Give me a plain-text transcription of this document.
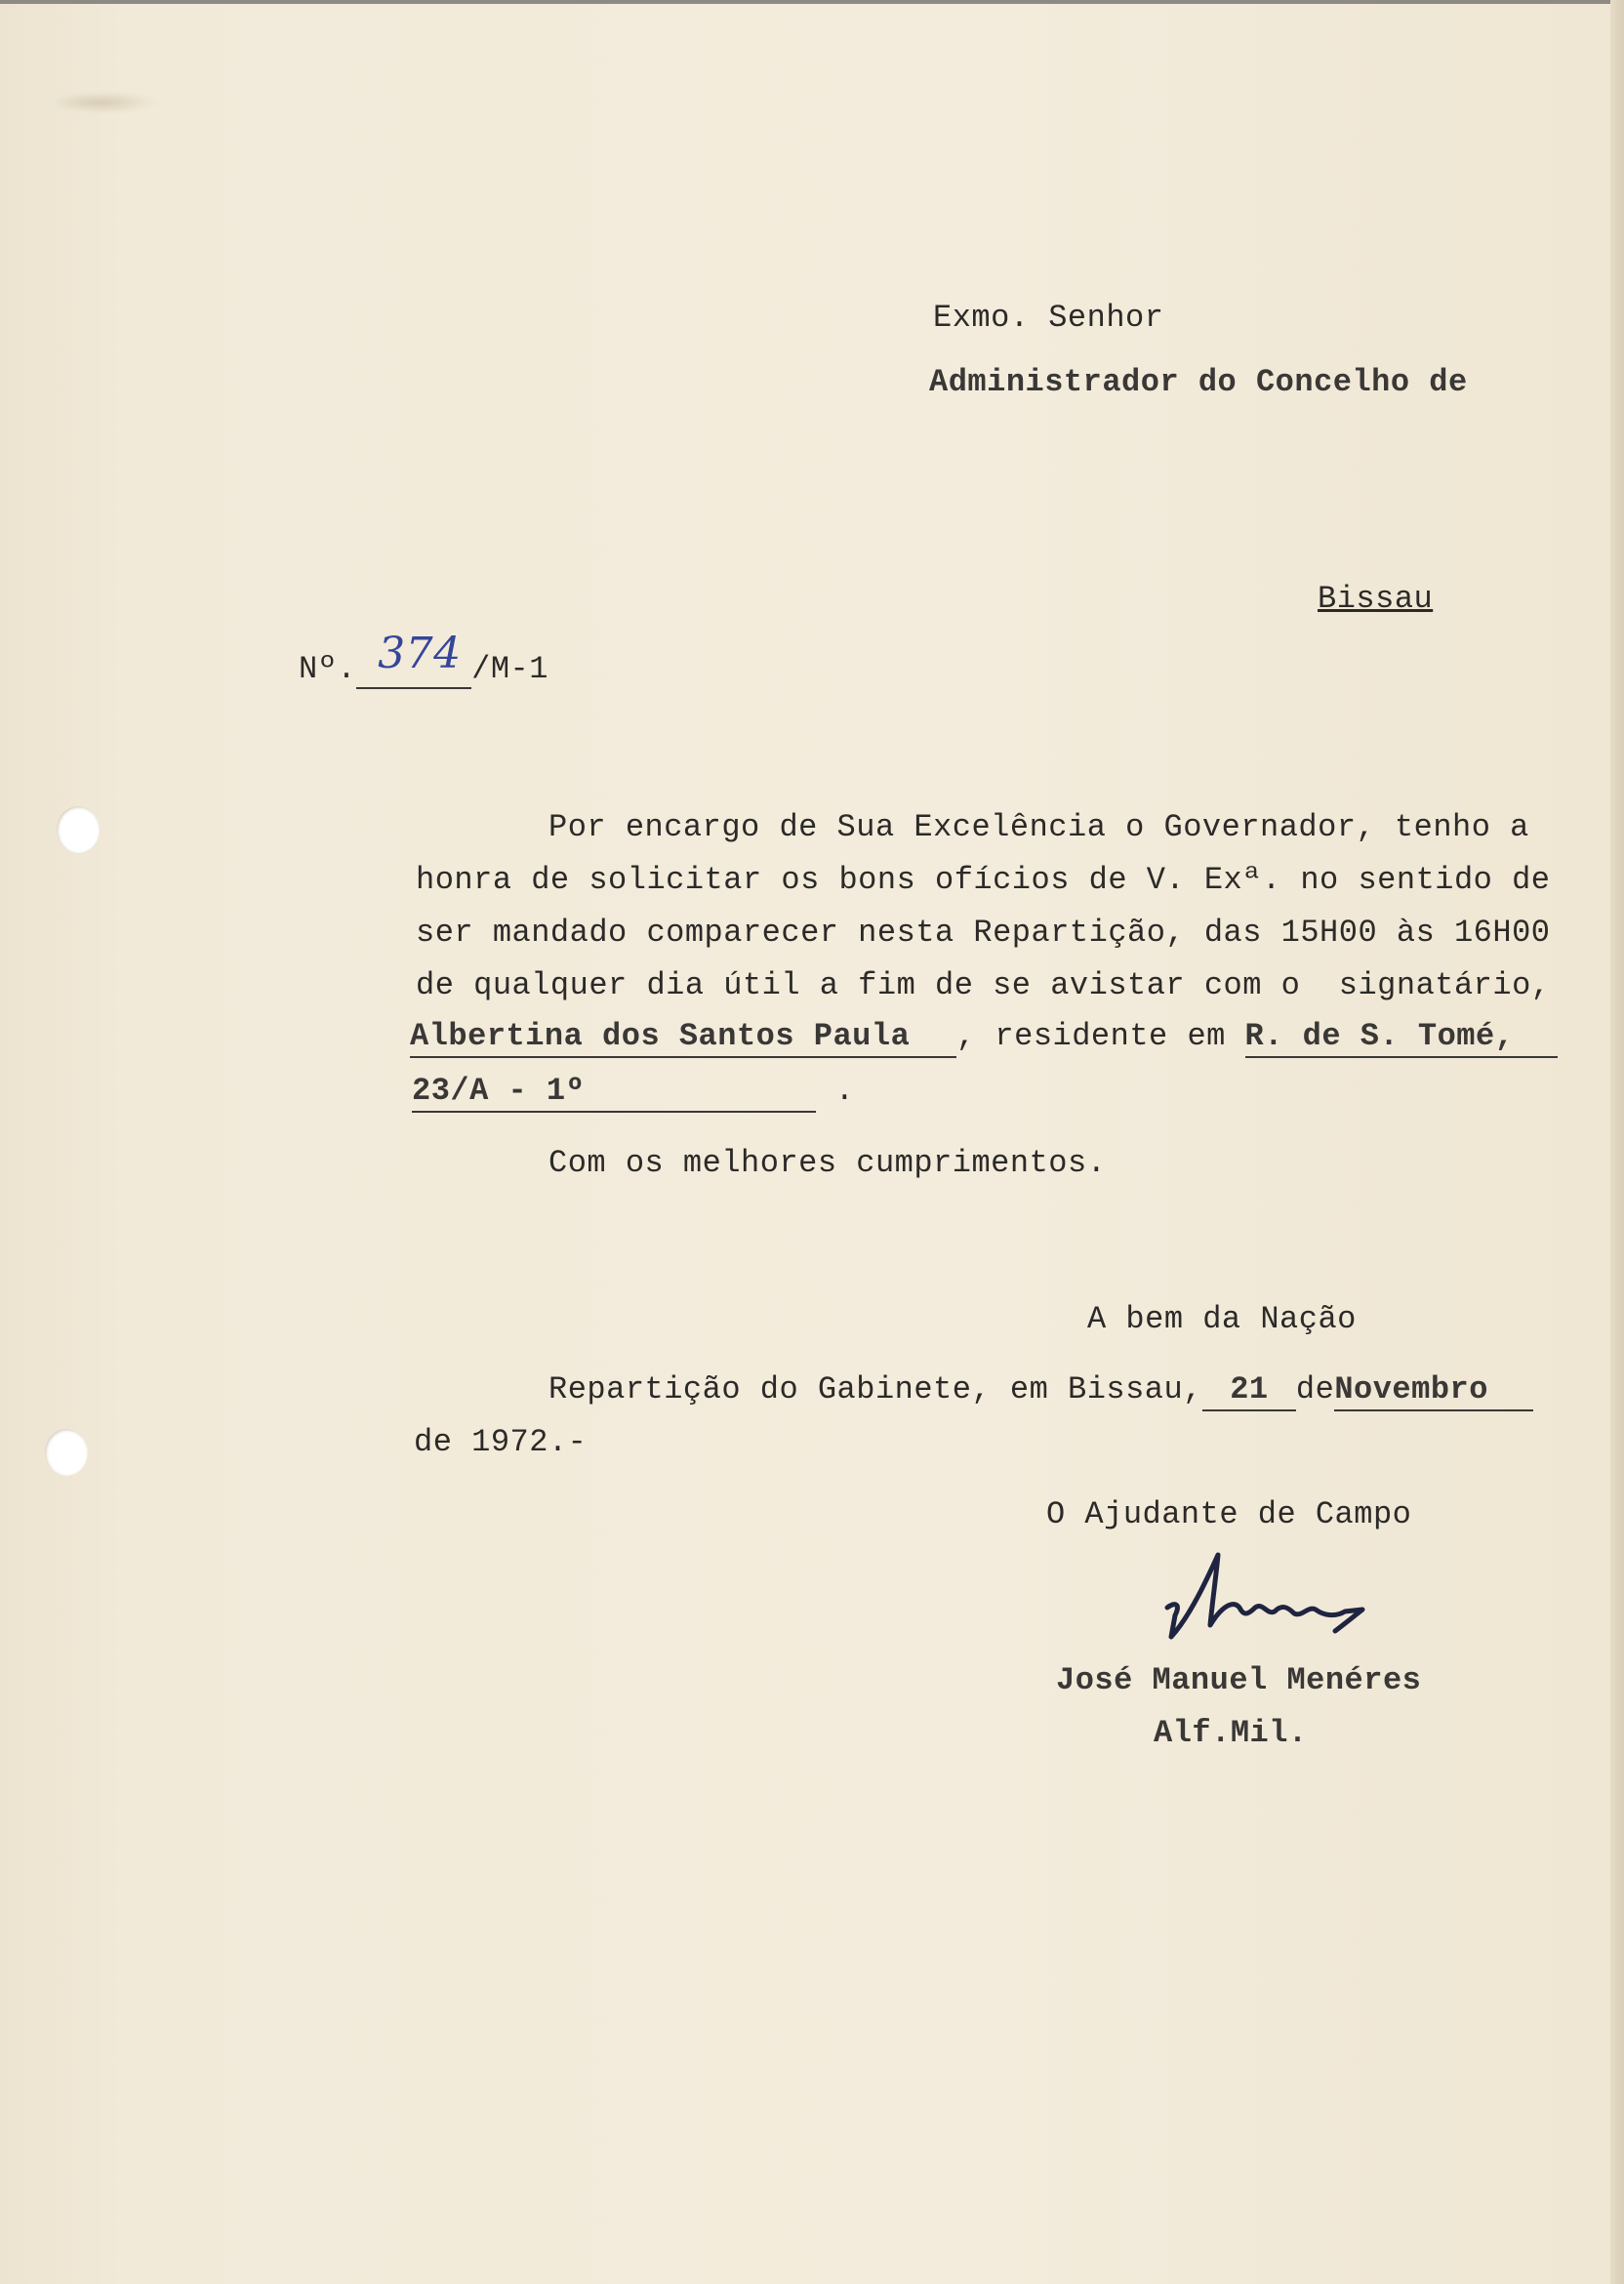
Exmo. Senhor
Administrador do Concelho de
Bissau
Nº. 374 /M-1
Por encargo de Sua Excelência o Governador, tenho a
honra de solicitar os bons ofícios de V. Exª. no sentido de
ser mandado comparecer nesta Repartição, das 15H00 às 16H00
de qualquer dia útil a fim de se avistar com o  signatário,
Albertina dos Santos Paula , residente em R. de S. Tomé,
23/A - 1º	.
Com os melhores cumprimentos.
A bem da Nação
Repartição do Gabinete, em Bissau, 21 deNovembro
de 1972.-
O Ajudante de Campo
José Manuel Menéres
Alf.Mil.
